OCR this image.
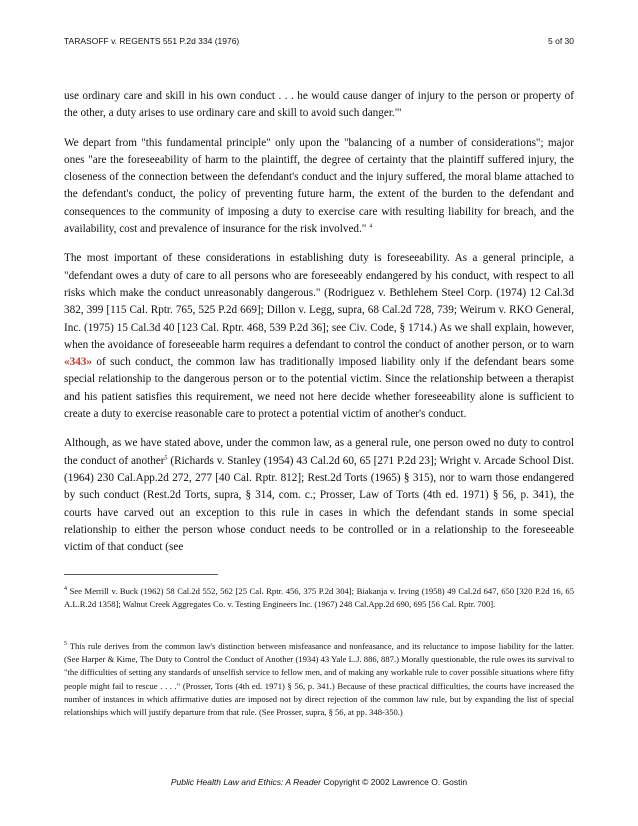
TARASOFF v. REGENTS 551 P.2d 334 (1976)	5 of 30

use ordinary care and skill in his own conduct . . . he would cause danger of injury to the person or property of the other, a duty arises to use ordinary care and skill to avoid such danger."'

We depart from "this fundamental principle" only upon the "balancing of a number of considerations"; major ones "are the foreseeability of harm to the plaintiff, the degree of certainty that the plaintiff suffered injury, the closeness of the connection between the defendant's conduct and the injury suffered, the moral blame attached to the defendant's conduct, the policy of preventing future harm, the extent of the burden to the defendant and consequences to the community of imposing a duty to exercise care with resulting liability for breach, and the availability, cost and prevalence of insurance for the risk involved." $^4$

The most important of these considerations in establishing duty is foreseeability. As a general principle, a "defendant owes a duty of care to all persons who are foreseeably endangered by his conduct, with respect to all risks which make the conduct unreasonably dangerous." (Rodriguez v. Bethlehem Steel Corp. (1974) 12 Cal.3d 382, 399 [115 Cal. Rptr. 765, 525 P.2d 669]; Dillon v. Legg, supra, 68 Cal.2d 728, 739; Weirum v. RKO General, Inc. (1975) 15 Cal.3d 40 [123 Cal. Rptr. 468, 539 P.2d 36]; see Civ. Code, § 1714.) As we shall explain, however, when the avoidance of foreseeable harm requires a defendant to control the conduct of another person, or to warn «343» of such conduct, the common law has traditionally imposed liability only if the defendant bears some special relationship to the dangerous person or to the potential victim. Since the relationship between a therapist and his patient satisfies this requirement, we need not here decide whether foreseeability alone is sufficient to create a duty to exercise reasonable care to protect a potential victim of another's conduct.

Although, as we have stated above, under the common law, as a general rule, one person owed no duty to control the conduct of another$^5$ (Richards v. Stanley (1954) 43 Cal.2d 60, 65 [271 P.2d 23]; Wright v. Arcade School Dist. (1964) 230 Cal.App.2d 272, 277 [40 Cal. Rptr. 812]; Rest.2d Torts (1965) § 315), nor to warn those endangered by such conduct (Rest.2d Torts, supra, § 314, com. c.; Prosser, Law of Torts (4th ed. 1971) § 56, p. 341), the courts have carved out an exception to this rule in cases in which the defendant stands in some special relationship to either the person whose conduct needs to be controlled or in a relationship to the foreseeable victim of that conduct (see

$^4$ See Merrill v. Buck (1962) 58 Cal.2d 552, 562 [25 Cal. Rptr. 456, 375 P.2d 304]; Biakanja v. Irving (1958) 49 Cal.2d 647, 650 [320 P.2d 16, 65 A.L.R.2d 1358]; Walnut Creek Aggregates Co. v. Testing Engineers Inc. (1967) 248 Cal.App.2d 690, 695 [56 Cal. Rptr. 700].

$^5$ This rule derives from the common law's distinction between misfeasance and nonfeasance, and its reluctance to impose liability for the latter. (See Harper & Kime, The Duty to Control the Conduct of Another (1934) 43 Yale L.J. 886, 887.) Morally questionable, the rule owes its survival to "the difficulties of setting any standards of unselfish service to fellow men, and of making any workable rule to cover possible situations where fifty people might fail to rescue . . . ." (Prosser, Torts (4th ed. 1971) § 56, p. 341.) Because of these practical difficulties, the courts have increased the number of instances in which affirmative duties are imposed not by direct rejection of the common law rule, but by expanding the list of special relationships which will justify departure from that rule. (See Prosser, supra, § 56, at pp. 348-350.)

Public Health Law and Ethics: A Reader Copyright © 2002 Lawrence O. Gostin
